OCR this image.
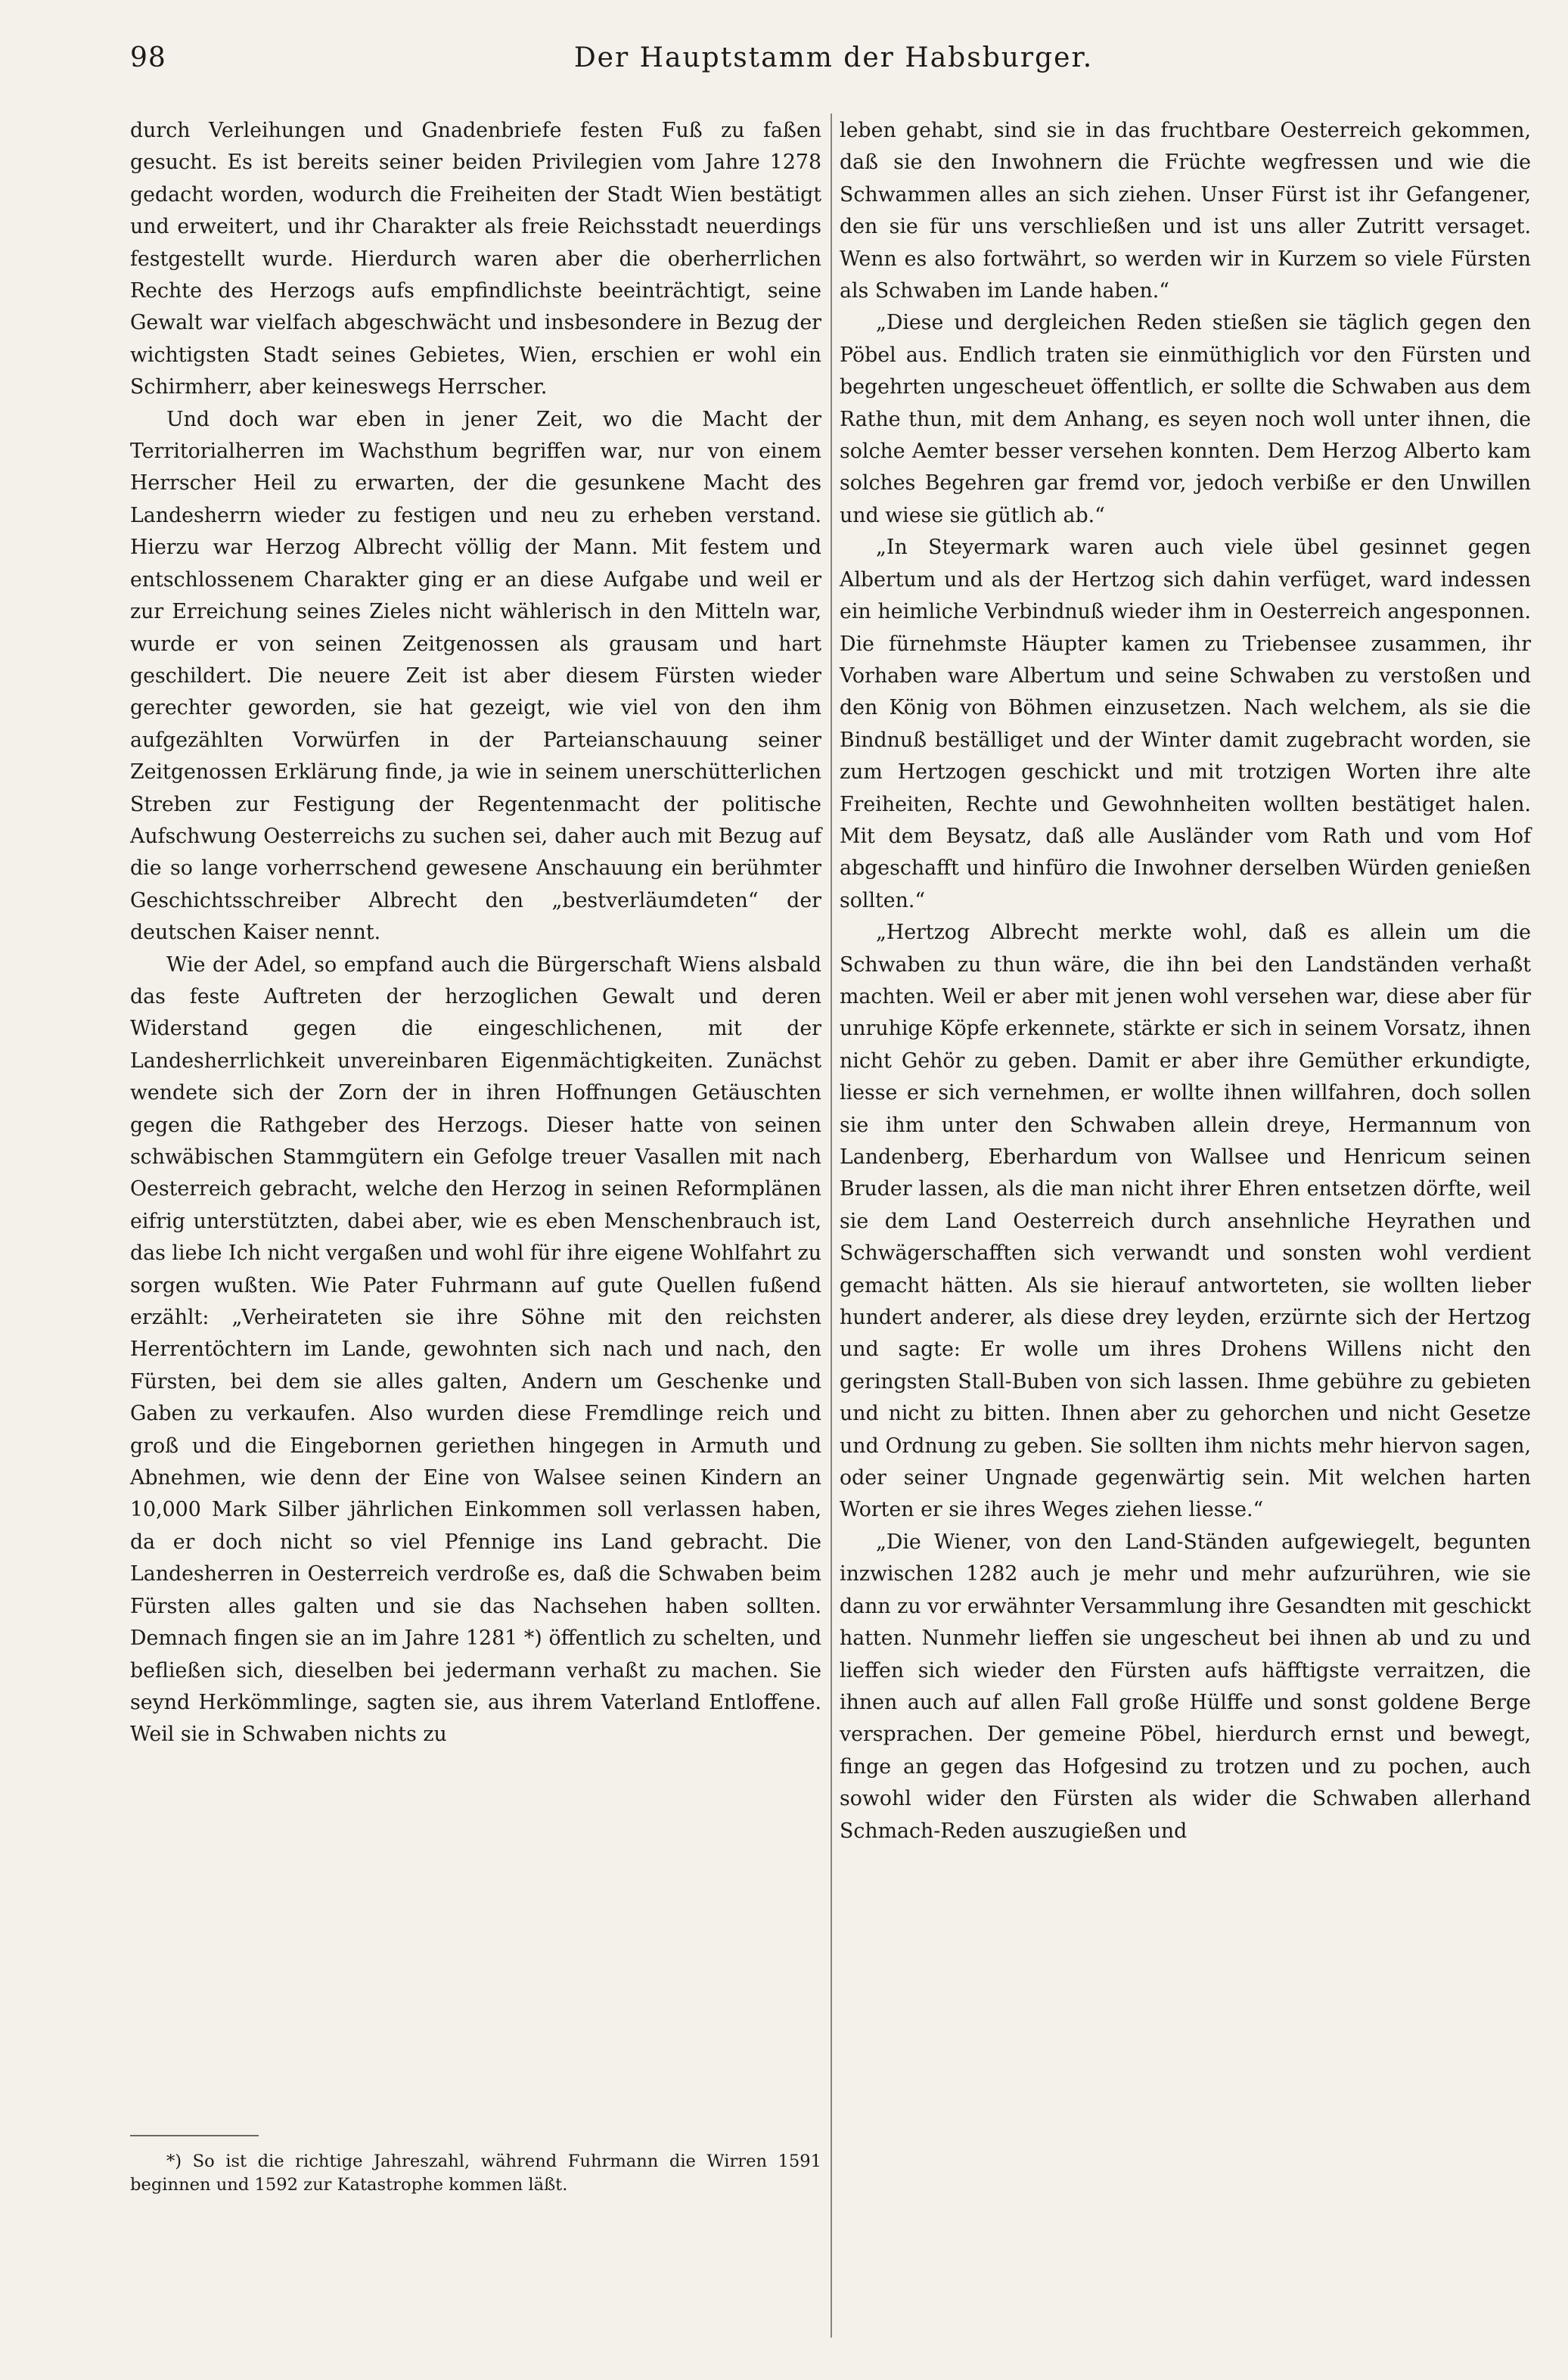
98	Der Hauptstamm der Habsburger.

durch Verleihungen und Gnadenbriefe festen Fuß zu faßen gesucht. Es ist bereits seiner beiden Privilegien vom Jahre 1278 gedacht worden, wodurch die Freiheiten der Stadt Wien bestätigt und erweitert, und ihr Charakter als freie Reichsstadt neuerdings festgestellt wurde. Hierdurch waren aber die oberherrlichen Rechte des Herzogs aufs empfindlichste beeinträchtigt, seine Gewalt war vielfach abgeschwächt und insbesondere in Bezug der wichtigsten Stadt seines Gebietes, Wien, erschien er wohl ein Schirmherr, aber keineswegs Herrscher.

Und doch war eben in jener Zeit, wo die Macht der Territorialherren im Wachsthum begriffen war, nur von einem Herrscher Heil zu erwarten, der die gesunkene Macht des Landesherrn wieder zu festigen und neu zu erheben verstand. Hierzu war Herzog Albrecht völlig der Mann. Mit festem und entschlossenem Charakter ging er an diese Aufgabe und weil er zur Erreichung seines Zieles nicht wählerisch in den Mitteln war, wurde er von seinen Zeitgenossen als grausam und hart geschildert. Die neuere Zeit ist aber diesem Fürsten wieder gerechter geworden, sie hat gezeigt, wie viel von den ihm aufgezählten Vorwürfen in der Parteianschauung seiner Zeitgenossen Erklärung finde, ja wie in seinem unerschütterlichen Streben zur Festigung der Regentenmacht der politische Aufschwung Oesterreichs zu suchen sei, daher auch mit Bezug auf die so lange vorherrschend gewesene Anschauung ein berühmter Geschichtsschreiber Albrecht den „bestverläumdeten“ der deutschen Kaiser nennt.

Wie der Adel, so empfand auch die Bürgerschaft Wiens alsbald das feste Auftreten der herzoglichen Gewalt und deren Widerstand gegen die eingeschlichenen, mit der Landesherrlichkeit unvereinbaren Eigenmächtigkeiten. Zunächst wendete sich der Zorn der in ihren Hoffnungen Getäuschten gegen die Rathgeber des Herzogs. Dieser hatte von seinen schwäbischen Stammgütern ein Gefolge treuer Vasallen mit nach Oesterreich gebracht, welche den Herzog in seinen Reformplänen eifrig unterstützten, dabei aber, wie es eben Menschenbrauch ist, das liebe Ich nicht vergaßen und wohl für ihre eigene Wohlfahrt zu sorgen wußten. Wie Pater Fuhrmann auf gute Quellen fußend erzählt: „Verheirateten sie ihre Söhne mit den reichsten Herrentöchtern im Lande, gewohnten sich nach und nach, den Fürsten, bei dem sie alles galten, Andern um Geschenke und Gaben zu verkaufen. Also wurden diese Fremdlinge reich und groß und die Eingebornen geriethen hingegen in Armuth und Abnehmen, wie denn der Eine von Walsee seinen Kindern an 10,000 Mark Silber jährlichen Einkommen soll verlassen haben, da er doch nicht so viel Pfennige ins Land gebracht. Die Landesherren in Oesterreich verdroße es, daß die Schwaben beim Fürsten alles galten und sie das Nachsehen haben sollten. Demnach fingen sie an im Jahre 1281 *) öffentlich zu schelten, und befließen sich, dieselben bei jedermann verhaßt zu machen. Sie seynd Herkömmlinge, sagten sie, aus ihrem Vaterland Entloffene. Weil sie in Schwaben nichts zu

leben gehabt, sind sie in das fruchtbare Oesterreich gekommen, daß sie den Inwohnern die Früchte wegfressen und wie die Schwammen alles an sich ziehen. Unser Fürst ist ihr Gefangener, den sie für uns verschließen und ist uns aller Zutritt versaget. Wenn es also fortwährt, so werden wir in Kurzem so viele Fürsten als Schwaben im Lande haben.“

„Diese und dergleichen Reden stießen sie täglich gegen den Pöbel aus. Endlich traten sie einmüthiglich vor den Fürsten und begehrten ungescheuet öffentlich, er sollte die Schwaben aus dem Rathe thun, mit dem Anhang, es seyen noch woll unter ihnen, die solche Aemter besser versehen konnten. Dem Herzog Alberto kam solches Begehren gar fremd vor, jedoch verbiße er den Unwillen und wiese sie gütlich ab.“

„In Steyermark waren auch viele übel gesinnet gegen Albertum und als der Hertzog sich dahin verfüget, ward indessen ein heimliche Verbindnuß wieder ihm in Oesterreich angesponnen. Die fürnehmste Häupter kamen zu Triebensee zusammen, ihr Vorhaben ware Albertum und seine Schwaben zu verstoßen und den König von Böhmen einzusetzen. Nach welchem, als sie die Bindnuß beställiget und der Winter damit zugebracht worden, sie zum Hertzogen geschickt und mit trotzigen Worten ihre alte Freiheiten, Rechte und Gewohnheiten wollten bestätiget halen. Mit dem Beysatz, daß alle Ausländer vom Rath und vom Hof abgeschafft und hinfüro die Inwohner derselben Würden genießen sollten.“

„Hertzog Albrecht merkte wohl, daß es allein um die Schwaben zu thun wäre, die ihn bei den Landständen verhaßt machten. Weil er aber mit jenen wohl versehen war, diese aber für unruhige Köpfe erkennete, stärkte er sich in seinem Vorsatz, ihnen nicht Gehör zu geben. Damit er aber ihre Gemüther erkundigte, liesse er sich vernehmen, er wollte ihnen willfahren, doch sollen sie ihm unter den Schwaben allein dreye, Hermannum von Landenberg, Eberhardum von Wallsee und Henricum seinen Bruder lassen, als die man nicht ihrer Ehren entsetzen dörfte, weil sie dem Land Oesterreich durch ansehnliche Heyrathen und Schwägerschafften sich verwandt und sonsten wohl verdient gemacht hätten. Als sie hierauf antworteten, sie wollten lieber hundert anderer, als diese drey leyden, erzürnte sich der Hertzog und sagte: Er wolle um ihres Drohens Willens nicht den geringsten Stall-Buben von sich lassen. Ihme gebühre zu gebieten und nicht zu bitten. Ihnen aber zu gehorchen und nicht Gesetze und Ordnung zu geben. Sie sollten ihm nichts mehr hiervon sagen, oder seiner Ungnade gegenwärtig sein. Mit welchen harten Worten er sie ihres Weges ziehen liesse.“

„Die Wiener, von den Land-Ständen aufgewiegelt, begunten inzwischen 1282 auch je mehr und mehr aufzurühren, wie sie dann zu vor erwähnter Versammlung ihre Gesandten mit geschickt hatten. Nunmehr lieffen sie ungescheut bei ihnen ab und zu und lieffen sich wieder den Fürsten aufs häfftigste verraitzen, die ihnen auch auf allen Fall große Hülffe und sonst goldene Berge versprachen. Der gemeine Pöbel, hierdurch ernst und bewegt, finge an gegen das Hofgesind zu trotzen und zu pochen, auch sowohl wider den Fürsten als wider die Schwaben allerhand Schmach-Reden auszugießen und

*) So ist die richtige Jahreszahl, während Fuhrmann die Wirren 1591 beginnen und 1592 zur Katastrophe kommen läßt.
